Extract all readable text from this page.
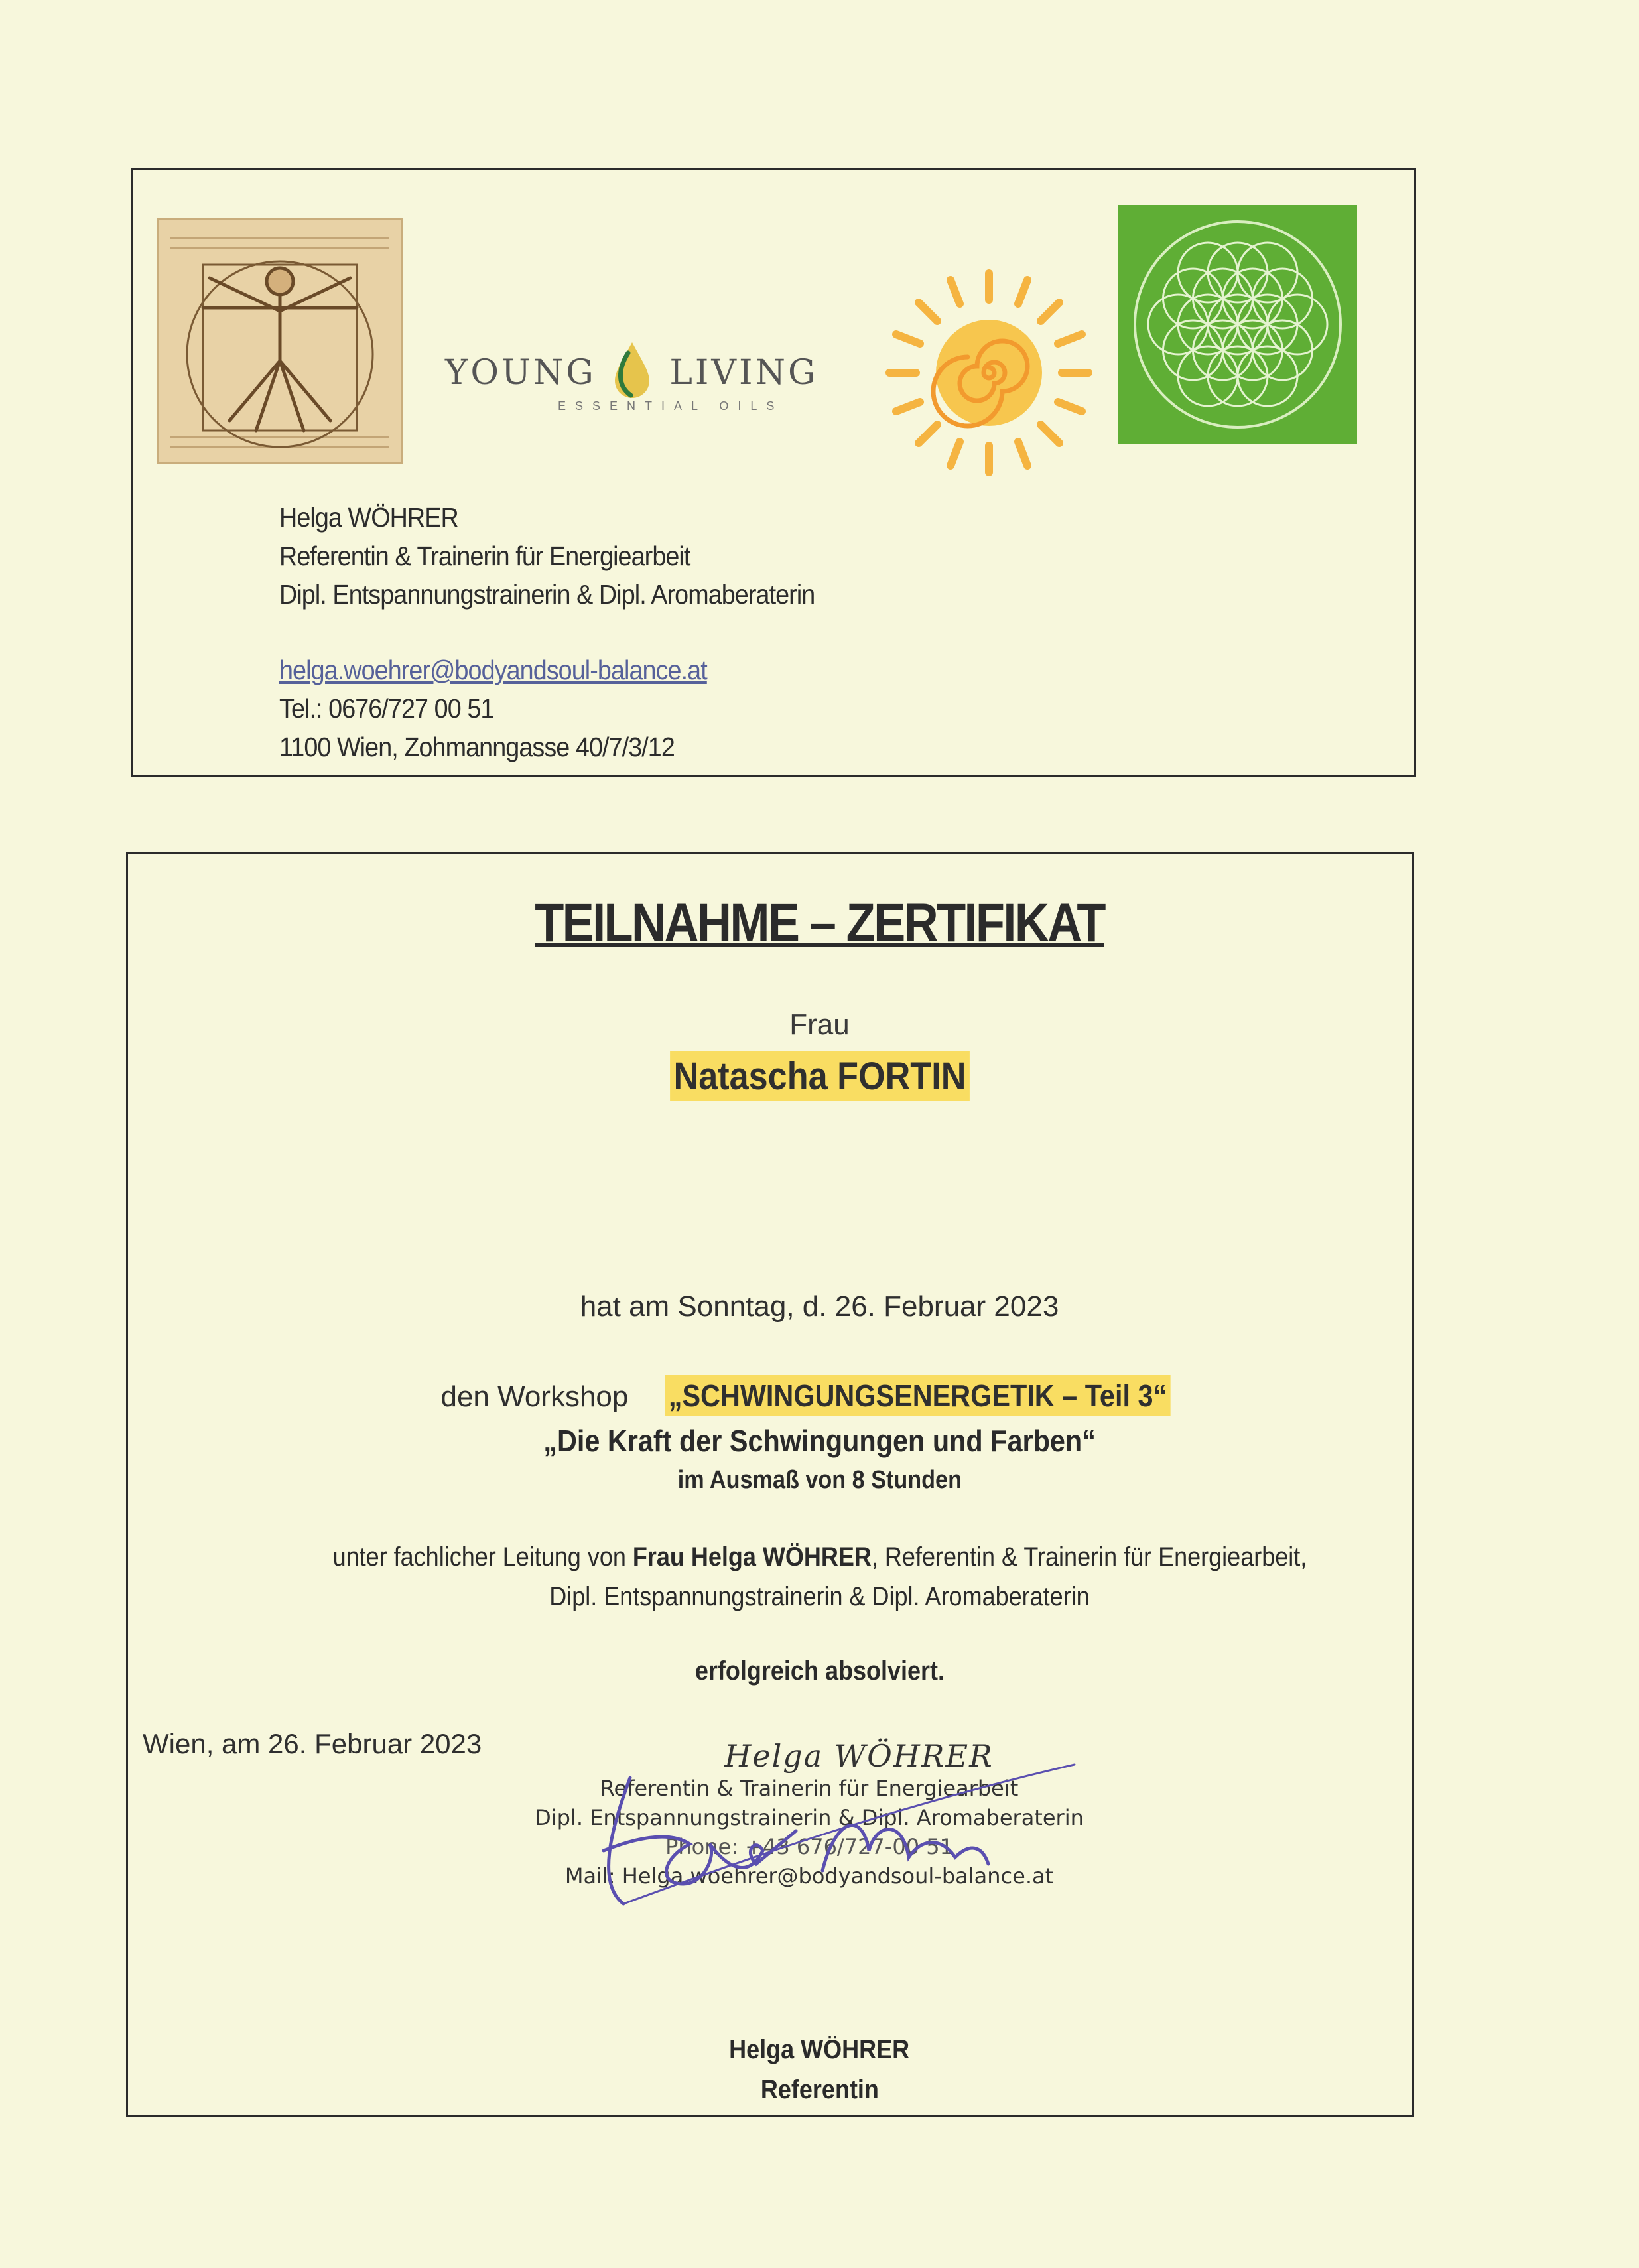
YOUNG LIVING
ESSENTIAL OILS
Helga WÖHRER
Referentin & Trainerin für Energiearbeit
Dipl. Entspannungstrainerin & Dipl. Aromaberaterin
helga.woehrer@bodyandsoul-balance.at
Tel.: 0676/727 00 51
1100 Wien, Zohmanngasse 40/7/3/12
TEILNAHME – ZERTIFIKAT
Frau
Natascha FORTIN
hat am Sonntag, d. 26. Februar 2023
den Workshop „SCHWINGUNGSENERGETIK – Teil 3“
„Die Kraft der Schwingungen und Farben“
im Ausmaß von 8 Stunden
unter fachlicher Leitung von Frau Helga WÖHRER, Referentin & Trainerin für Energiearbeit,
Dipl. Entspannungstrainerin & Dipl. Aromaberaterin
erfolgreich absolviert.
Wien, am 26. Februar 2023	Helga WÖHRER
Referentin & Trainerin für Energiearbeit
Dipl. Entspannungstrainerin & Dipl. Aromaberaterin
Phone: +43 676/727-00 51
Mail: Helga.woehrer@bodyandsoul-balance.at
Helga WÖHRER
Referentin
